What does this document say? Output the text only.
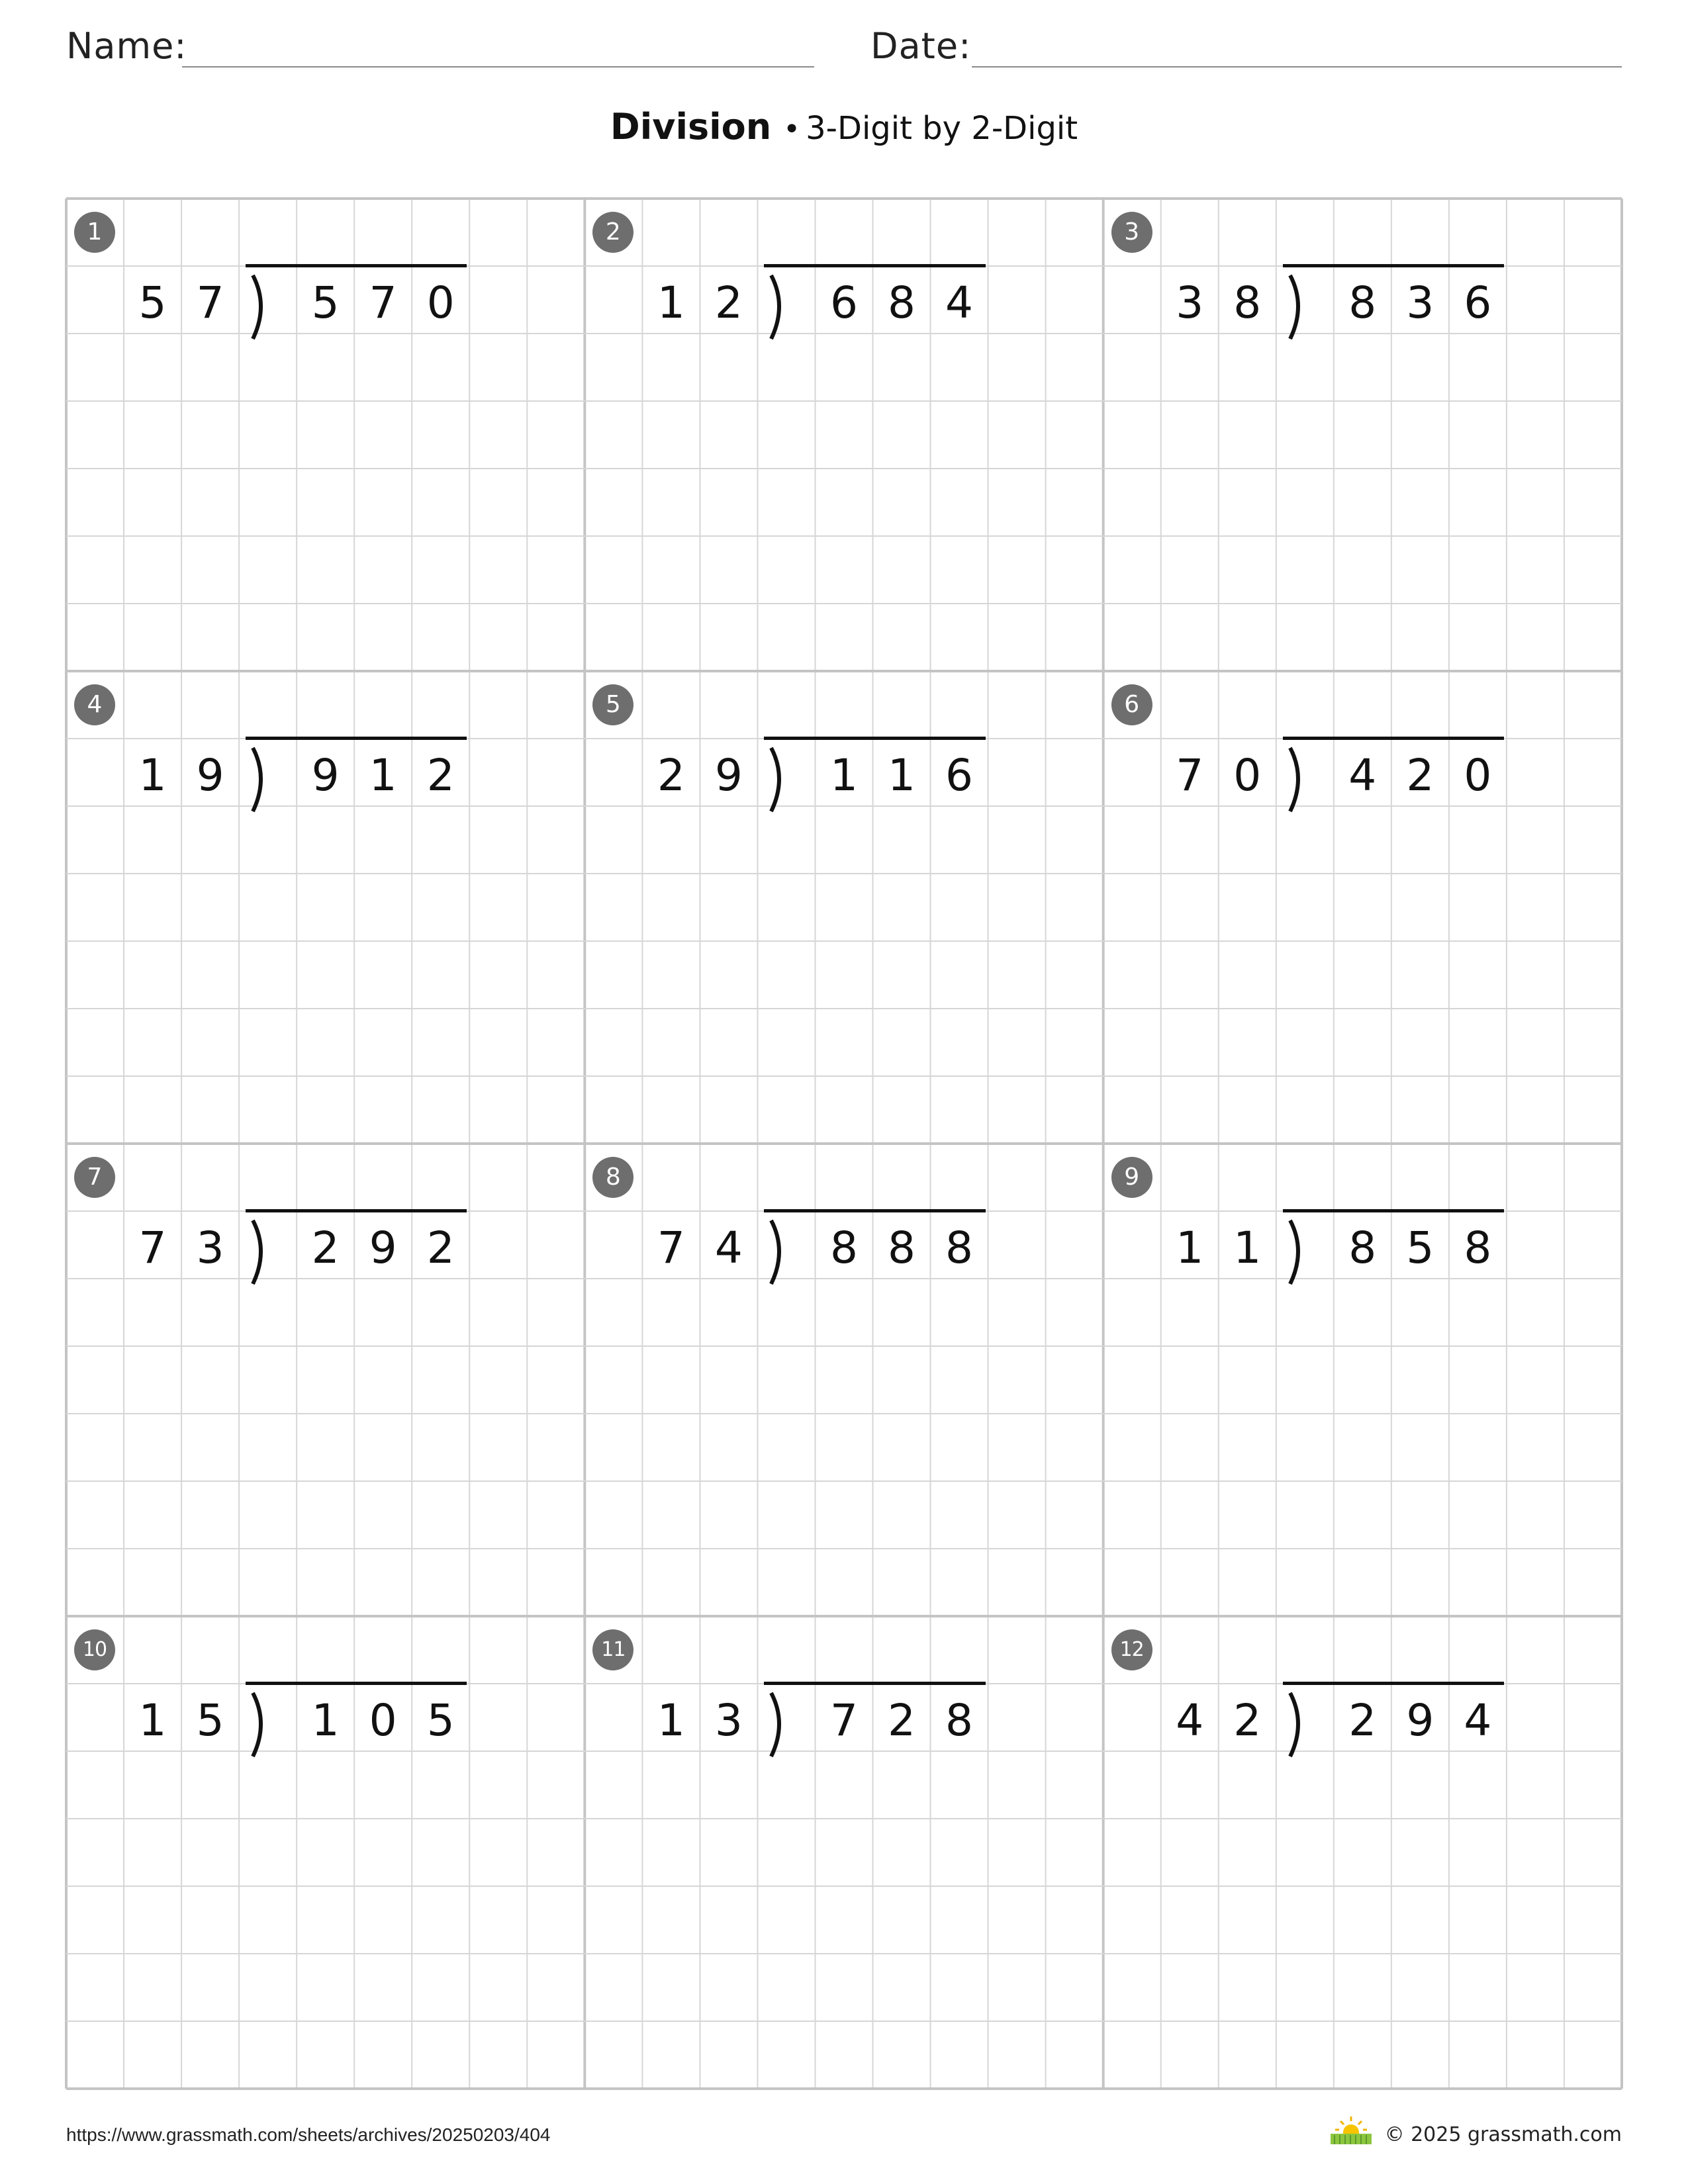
Name:	Date:
Division • 3-Digit by 2-Digit
1
5 7	5 7 0
2
1 2	6 8 4
3
3 8	8 3 6
4
1 9	9 1 2
5
2 9	1 1 6
6
7 0	4 2 0
7
7 3	2 9 2
8
7 4	8 8 8
9
1 1	8 5 8
10
1 5	1 0 5
11
1 3	7 2 8
12
4 2	2 9 4
https://www.grassmath.com/sheets/archives/20250203/404	© 2025 grassmath.com
